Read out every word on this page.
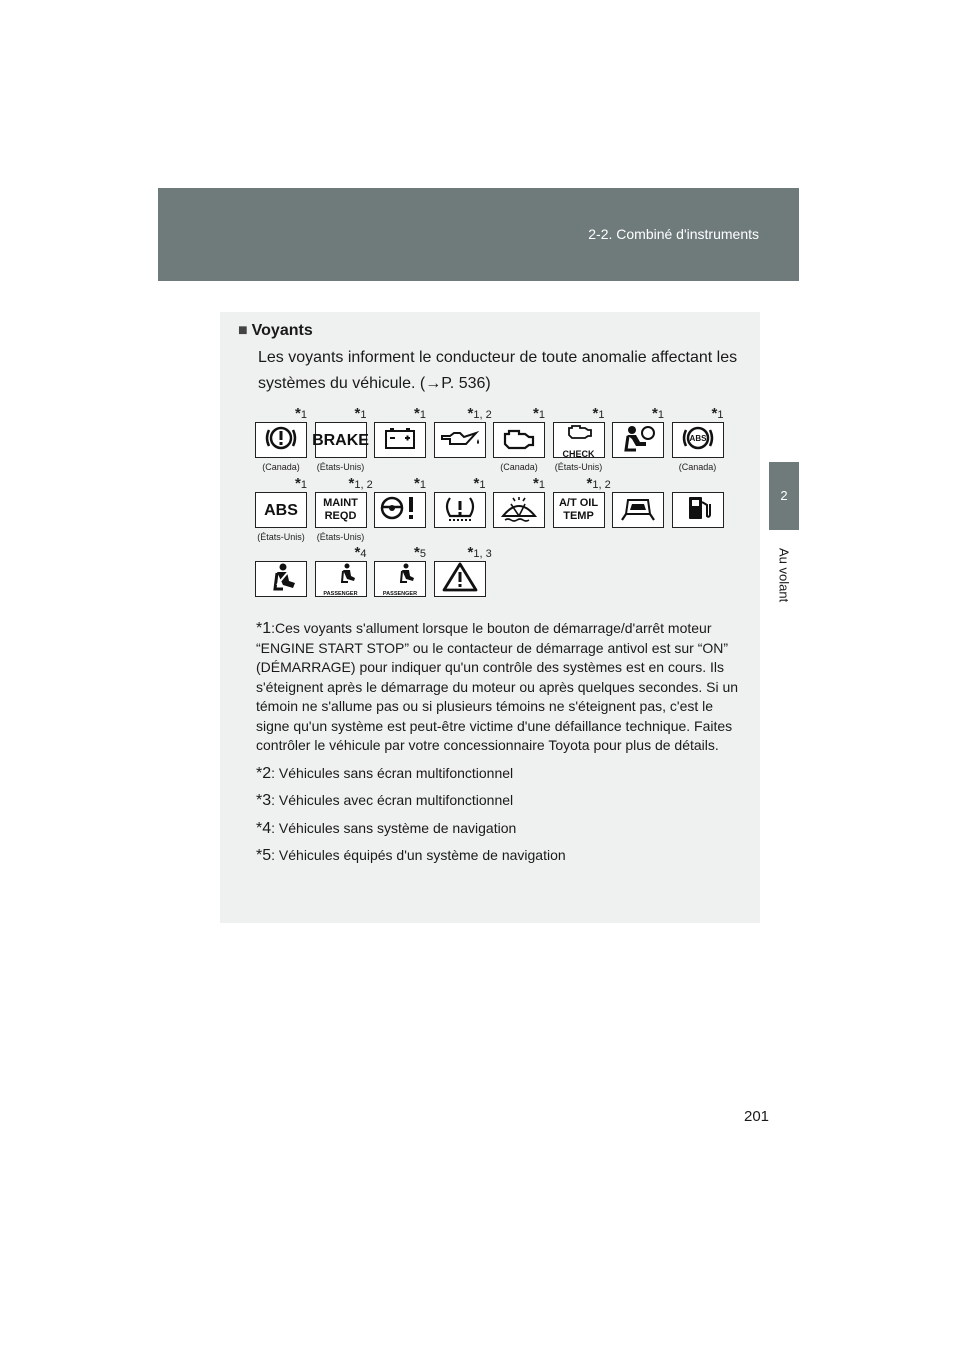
2-2. Combiné d'instruments
2
Au volant
■ Voyants
Les voyants informent le conducteur de toute anomalie affectant les systèmes du véhicule. (→P. 536)
*1
(Canada)
*1
BRAKE
(États-Unis)
*1	*1, 2	*1
(Canada)
*1
CHECK
(États-Unis)
*1	*1
ABS
(Canada)
*1
ABS
(États-Unis)
*1, 2
MAINT REQD
(États-Unis)
*1	*1	*1	*1, 2
A/T OIL TEMP
*4
PASSENGER
*5
PASSENGER
*1, 3
*1:Ces voyants s'allument lorsque le bouton de démarrage/d'arrêt moteur “ENGINE START STOP” ou le contacteur de démarrage antivol est sur “ON” (DÉMARRAGE) pour indiquer qu'un contrôle des systèmes est en cours. Ils s'éteignent après le démarrage du moteur ou après quelques secondes. Si un témoin ne s'allume pas ou si plusieurs témoins ne s'éteignent pas, c'est le signe qu'un système est peut-être victime d'une défaillance technique. Faites contrôler le véhicule par votre concessionnaire Toyota pour plus de détails.
*2: Véhicules sans écran multifonctionnel
*3: Véhicules avec écran multifonctionnel
*4: Véhicules sans système de navigation
*5: Véhicules équipés d'un système de navigation
201
